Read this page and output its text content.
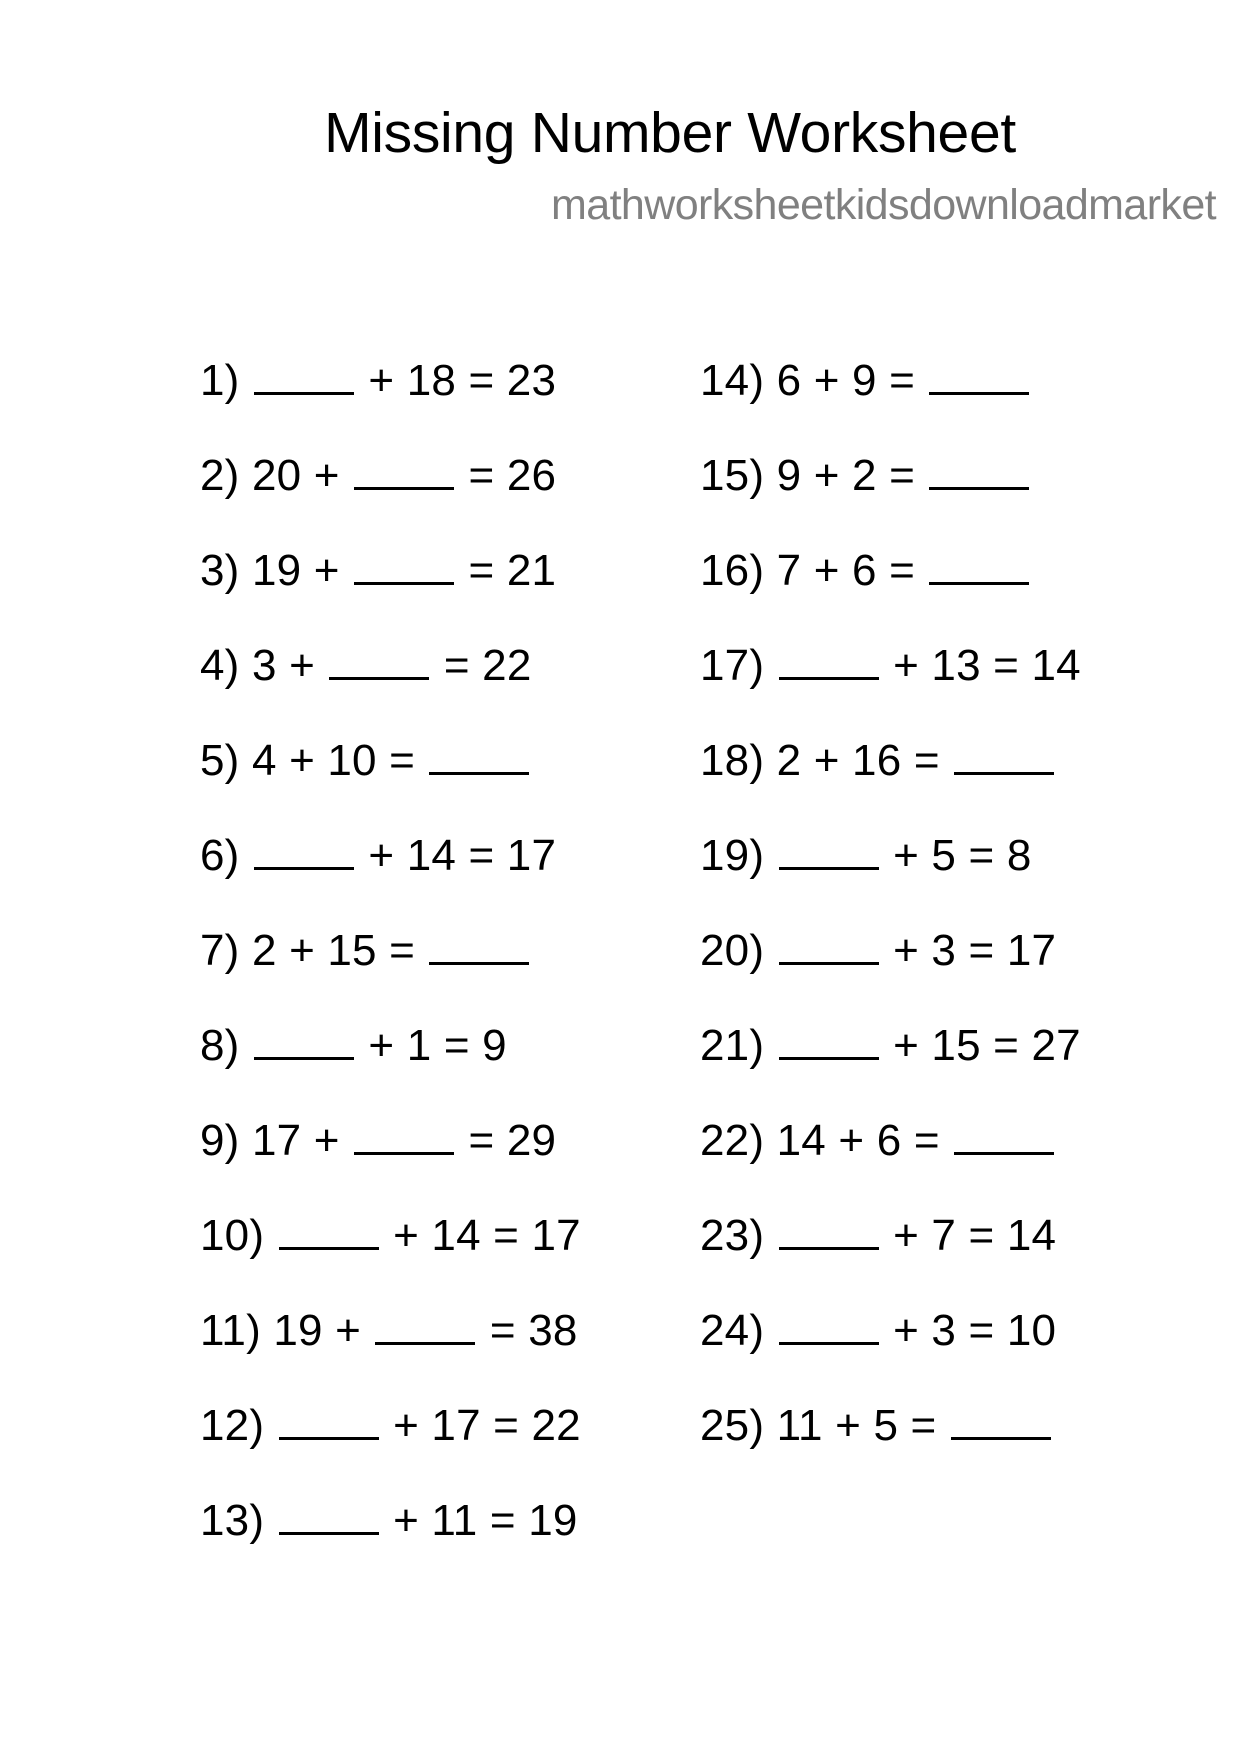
Missing Number Worksheet
mathworksheetkidsdownloadmarket
1)	+ 18 = 23
2) 20 +	= 26
3) 19 +	= 21
4) 3 +	= 22
5) 4 + 10 =
6)	+ 14 = 17
7) 2 + 15 =
8)	+ 1 = 9
9) 17 +	= 29
10)	+ 14 = 17
11) 19 +	= 38
12)	+ 17 = 22
13)	+ 11 = 19
14) 6 + 9 =
15) 9 + 2 =
16) 7 + 6 =
17)	+ 13 = 14
18) 2 + 16 =
19)	+ 5 = 8
20)	+ 3 = 17
21)	+ 15 = 27
22) 14 + 6 =
23)	+ 7 = 14
24)	+ 3 = 10
25) 11 + 5 =
